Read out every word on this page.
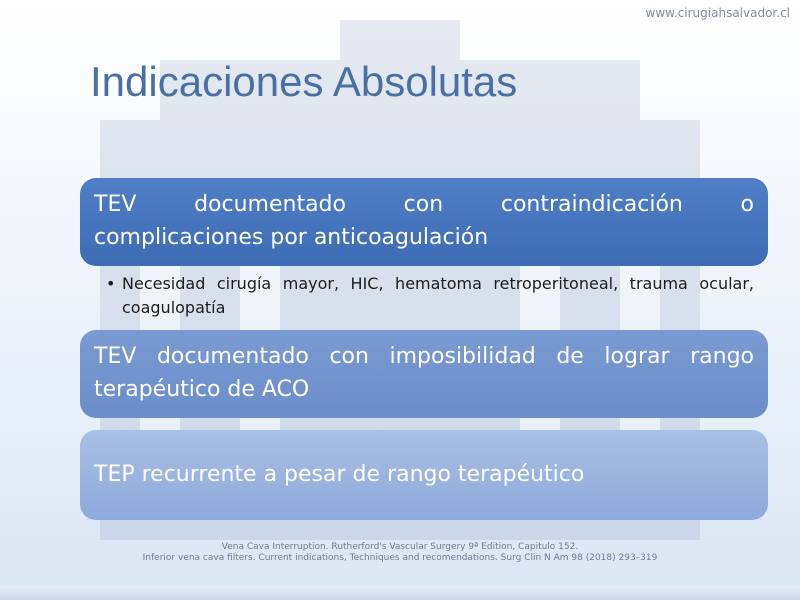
www.cirugiahsalvador.cl
Indicaciones Absolutas
TEV documentado con contraindicación o
complicaciones por anticoagulación
• Necesidad cirugía mayor, HIC, hematoma retroperitoneal, trauma ocular, coagulopatía
TEV documentado con imposibilidad de lograr rango
terapéutico de ACO
TEP recurrente a pesar de rango terapéutico
Vena Cava Interruption. Rutherford's Vascular Surgery 9ª Edition, Capitulo 152.
Inferior vena cava filters. Current indications, Techniques and recomendations. Surg Clin N Am 98 (2018) 293–319
